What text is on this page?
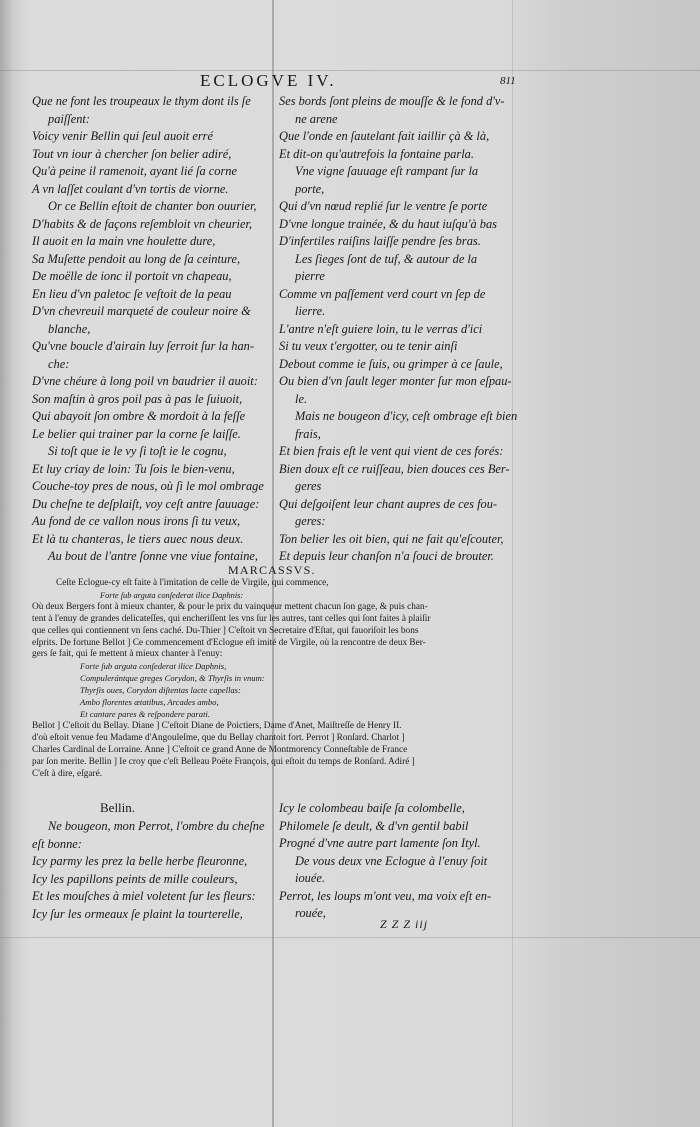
ECLOGVE IV.	811
Que ne font les troupeaux le thym dont ils ſe
paiſſent:
Voicy venir Bellin qui ſeul auoit erré
Tout vn iour à chercher ſon belier adiré,
Qu'à peine il ramenoit, ayant lié ſa corne
A vn laſſet coulant d'vn tortis de viorne.
Or ce Bellin eſtoit de chanter bon ouurier,
D'habits & de façons reſembloit vn cheurier,
Il auoit en la main vne houlette dure,
Sa Muſette pendoit au long de ſa ceinture,
De moëlle de ionc il portoit vn chapeau,
En lieu d'vn paletoc ſe veſtoit de la peau
D'vn chevreuil marqueté de couleur noire &
blanche,
Qu'vne boucle d'airain luy ſerroit ſur la han-
che:
D'vne chéure à long poil vn baudrier il auoit:
Son maſtin à gros poil pas à pas le ſuiuoit,
Qui abayoit ſon ombre & mordoit à la feſſe
Le belier qui trainer par la corne ſe laiſſe.
Si toſt que ie le vy ſi toſt ie le cognu,
Et luy criay de loin: Tu ſois le bien-venu,
Couche-toy pres de nous, où ſi le mol ombrage
Du cheſne te deſplaiſt, voy ceſt antre ſauuage:
Au fond de ce vallon nous irons ſi tu veux,
Et là tu chanteras, le tiers auec nous deux.
Au bout de l'antre ſonne vne viue fontaine,
Ses bords ſont pleins de mouſſe & le fond d'v-
ne arene
Que l'onde en ſautelant fait iaillir çà & là,
Et dit-on qu'autrefois la fontaine parla.
Vne vigne ſauuage eſt rampant ſur la
porte,
Qui d'vn nœud replié ſur le ventre ſe porte
D'vne longue trainée, & du haut iuſqu'à bas
D'infertiles raiſins laiſſe pendre ſes bras.
Les ſieges ſont de tuf, & autour de la
pierre
Comme vn paſſement verd court vn ſep de
lierre.
L'antre n'eſt guiere loin, tu le verras d'ici
Si tu veux t'ergotter, ou te tenir ainſi
Debout comme ie ſuis, ou grimper à ce ſaule,
Ou bien d'vn ſault leger monter ſur mon eſpau-
le.
Mais ne bougeon d'icy, ceſt ombrage eſt bien
frais,
Et bien frais eſt le vent qui vient de ces forés:
Bien doux eſt ce ruiſſeau, bien douces ces Ber-
geres
Qui deſgoiſent leur chant aupres de ces fou-
geres:
Ton belier les oit bien, qui ne fait qu'eſcouter,
Et depuis leur chanſon n'a ſouci de brouter.
MARCASSVS.
Ceſte Eclogue-cy eſt faite à l'imitation de celle de Virgile, qui commence,
Forte ſub arguta conſederat ilice Daphnis:
Où deux Bergers font à mieux chanter, & pour le prix du vainqueur mettent chacun ſon gage, & puis chan-
tent à l'enuy de grandes delicateſſes, qui encheriſſent les vns ſur les autres, tant celles qui ſont faites à plaiſir
que celles qui contiennent vn ſens caché. Du-Thier ] C'eſtoit vn Secretaire d'Eſtat, qui fauoriſoit les bons
eſprits. De fortune Bellot ] Ce commencement d'Eclogue eſt imité de Virgile, où la rencontre de deux Ber-
gers ſe fait, qui ſe mettent à mieux chanter à l'enuy:
Forte ſub arguta conſederat ilice Daphnis,
Compulerántque greges Corydon, & Thyrſis in vnum:
Thyrſis oues, Corydon diſtentas lacte capellas:
Ambo florentes ætatibus, Arcades ambo,
Et cantare pares & reſpondere parati.
Bellot ] C'eſtoit du Bellay. Diane ] C'eſtoit Diane de Poictiers, Dame d'Anet, Maiſtreſſe de Henry II.
d'où eſtoit venue feu Madame d'Angouleſme, que du Bellay chantoit fort. Perrot ] Ronſard. Charlot ]
Charles Cardinal de Lorraine. Anne ] C'eſtoit ce grand Anne de Montmorency Conneſtable de France
par ſon merite. Bellin ] Ie croy que c'eſt Belleau Poëte François, qui eſtoit du temps de Ronſard. Adiré ]
C'eſt à dire, eſgaré.
Bellin.
Ne bougeon, mon Perrot, l'ombre du cheſne
eſt bonne:
Icy parmy les prez la belle herbe fleuronne,
Icy les papillons peints de mille couleurs,
Et les mouſches à miel voletent ſur les fleurs:
Icy ſur les ormeaux ſe plaint la tourterelle,
Icy le colombeau baiſe ſa colombelle,
Philomele ſe deult, & d'vn gentil babil
Progné d'vne autre part lamente ſon Ityl.
De vous deux vne Eclogue à l'enuy ſoit
iouée.
Perrot, les loups m'ont veu, ma voix eſt en-
rouée,
Z Z Z iij
